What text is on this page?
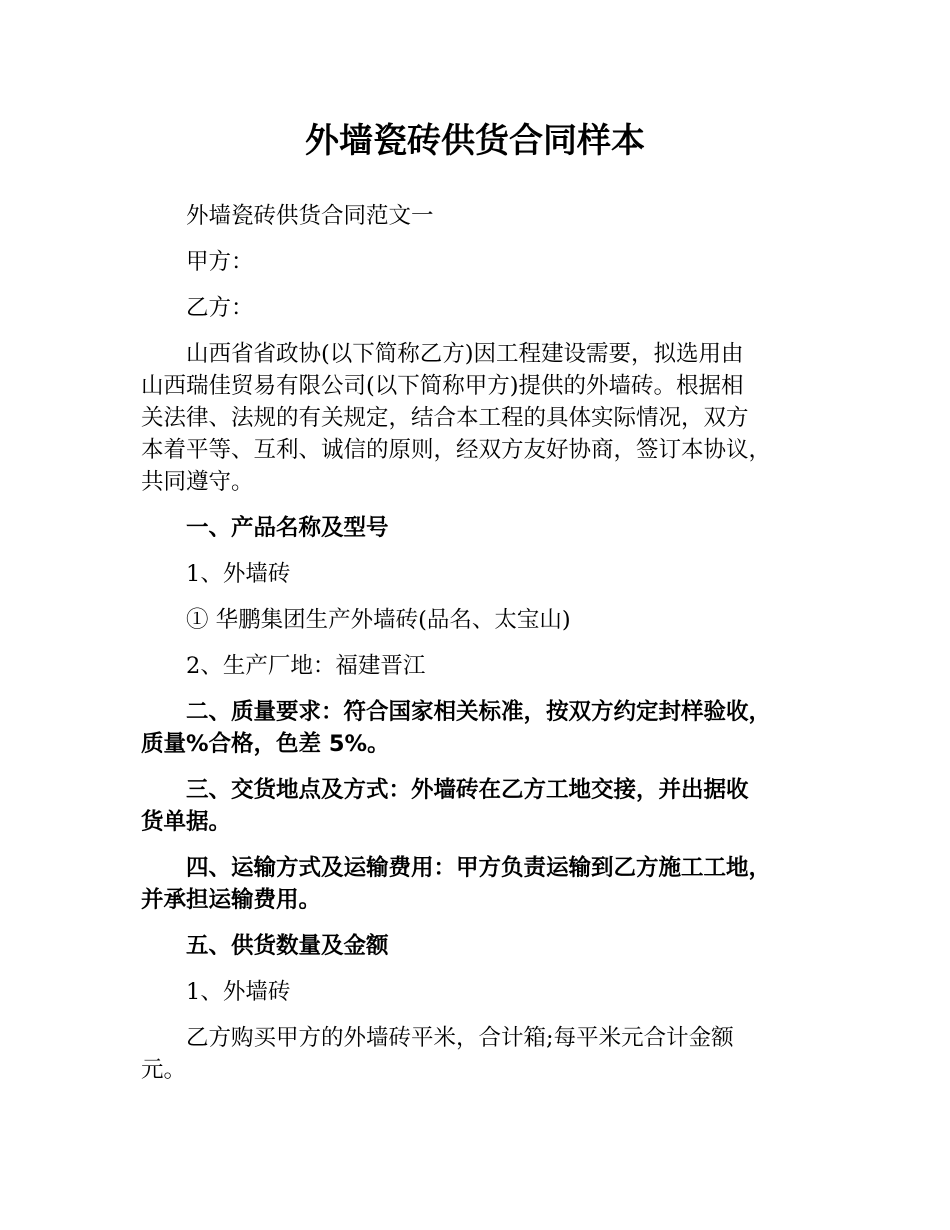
外墙瓷砖供货合同样本

外墙瓷砖供货合同范文一

甲方：

乙方：

山西省省政协(以下简称乙方)因工程建设需要，拟选用由
山西瑞佳贸易有限公司(以下简称甲方)提供的外墙砖。根据相
关法律、法规的有关规定，结合本工程的具体实际情况，双方
本着平等、互利、诚信的原则，经双方友好协商，签订本协议，
共同遵守。

一、产品名称及型号

1、外墙砖

① 华鹏集团生产外墙砖(品名、太宝山)

2、生产厂地：福建晋江

二、质量要求：符合国家相关标准，按双方约定封样验收，
质量%合格，色差 5%。

三、交货地点及方式：外墙砖在乙方工地交接，并出据收
货单据。

四、运输方式及运输费用：甲方负责运输到乙方施工工地，
并承担运输费用。

五、供货数量及金额

1、外墙砖

乙方购买甲方的外墙砖平米，合计箱;每平米元合计金额
元。
